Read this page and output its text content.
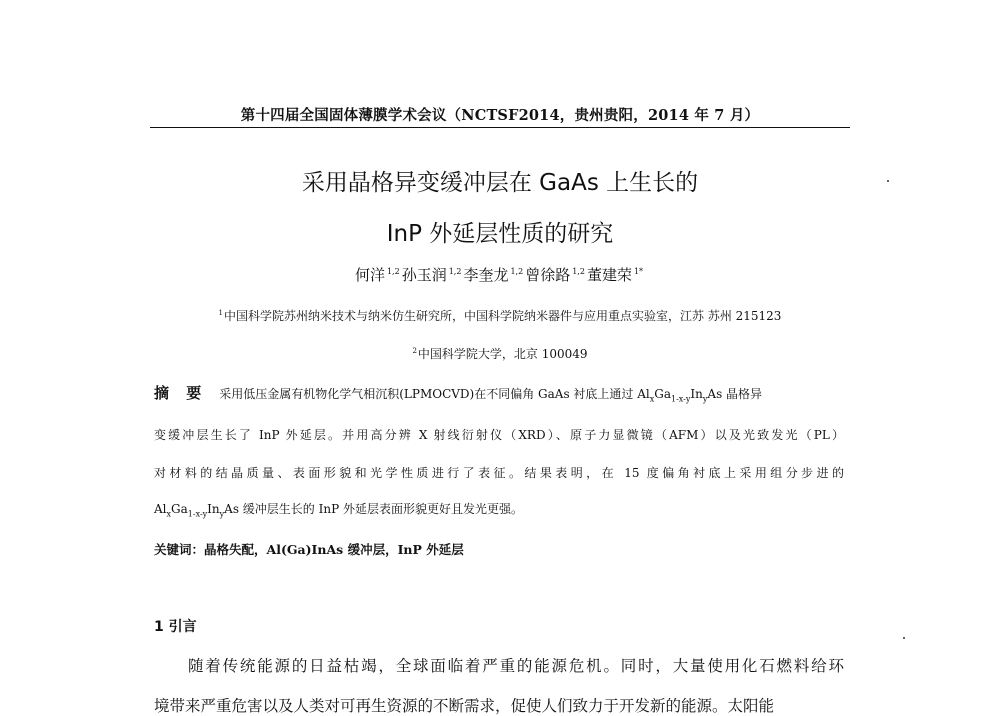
第十四届全国固体薄膜学术会议（NCTSF2014，贵州贵阳，2014 年 7 月）
采用晶格异变缓冲层在 GaAs 上生长的
InP 外延层性质的研究
何洋 $^{1,2}$ 孙玉润 $^{1,2}$ 李奎龙 $^{1,2}$ 曾徐路 $^{1,2}$ 董建荣 $^{1*}$
$^1$中国科学院苏州纳米技术与纳米仿生研究所，中国科学院纳米器件与应用重点实验室，江苏 苏州 215123
$^2$中国科学院大学，北京 100049
摘 要 采用低压金属有机物化学气相沉积(LPMOCVD)在不同偏角 GaAs 衬底上通过 $Al_xGa_{1-x-y}In_yAs$ 晶格异
变缓冲层生长了 InP 外延层。并用高分辨 X 射线衍射仪（XRD）、原子力显微镜（AFM）以及光致发光（PL）
对材料的结晶质量、表面形貌和光学性质进行了表征。结果表明，在 15 度偏角衬底上采用组分步进的
$Al_xGa_{1-x-y}In_yAs$ 缓冲层生长的 InP 外延层表面形貌更好且发光更强。
关键词：晶格失配，Al(Ga)InAs 缓冲层，InP 外延层
1 引言
随着传统能源的日益枯竭，全球面临着严重的能源危机。同时，大量使用化石燃料给环
境带来严重危害以及人类对可再生资源的不断需求，促使人们致力于开发新的能源。太阳能
